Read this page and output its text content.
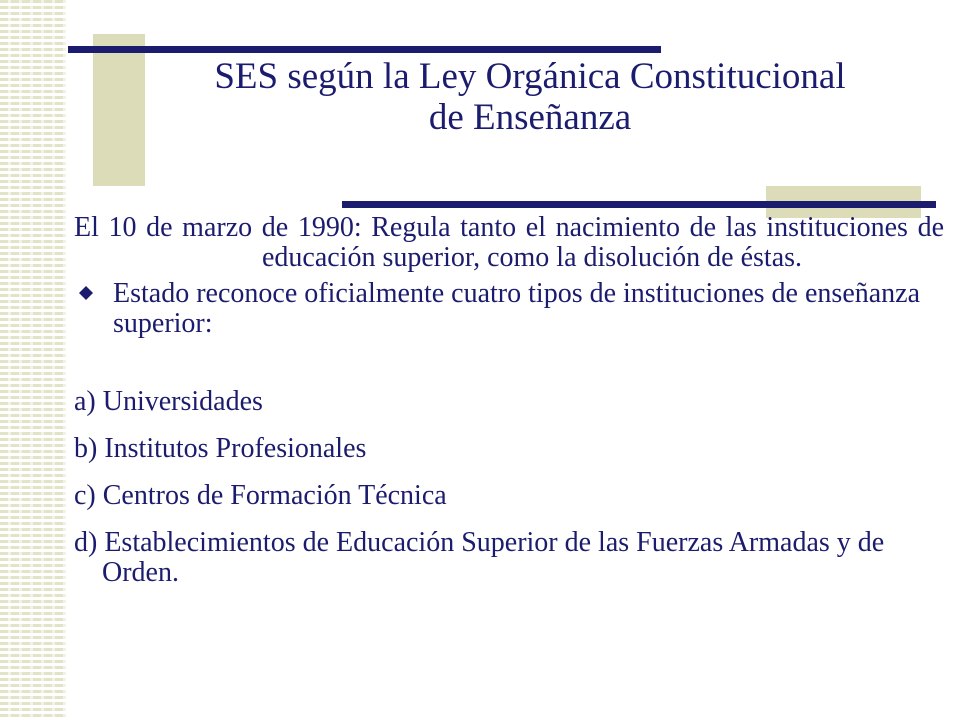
SES según la Ley Orgánica Constitucional
de Enseñanza
El 10 de marzo de 1990: Regula tanto el nacimiento de las instituciones de educación superior, como la disolución de éstas.
Estado reconoce oficialmente cuatro tipos de instituciones de enseñanza superior:
a) Universidades
b) Institutos Profesionales
c) Centros de Formación Técnica
d) Establecimientos de Educación Superior de las Fuerzas Armadas y de Orden.
